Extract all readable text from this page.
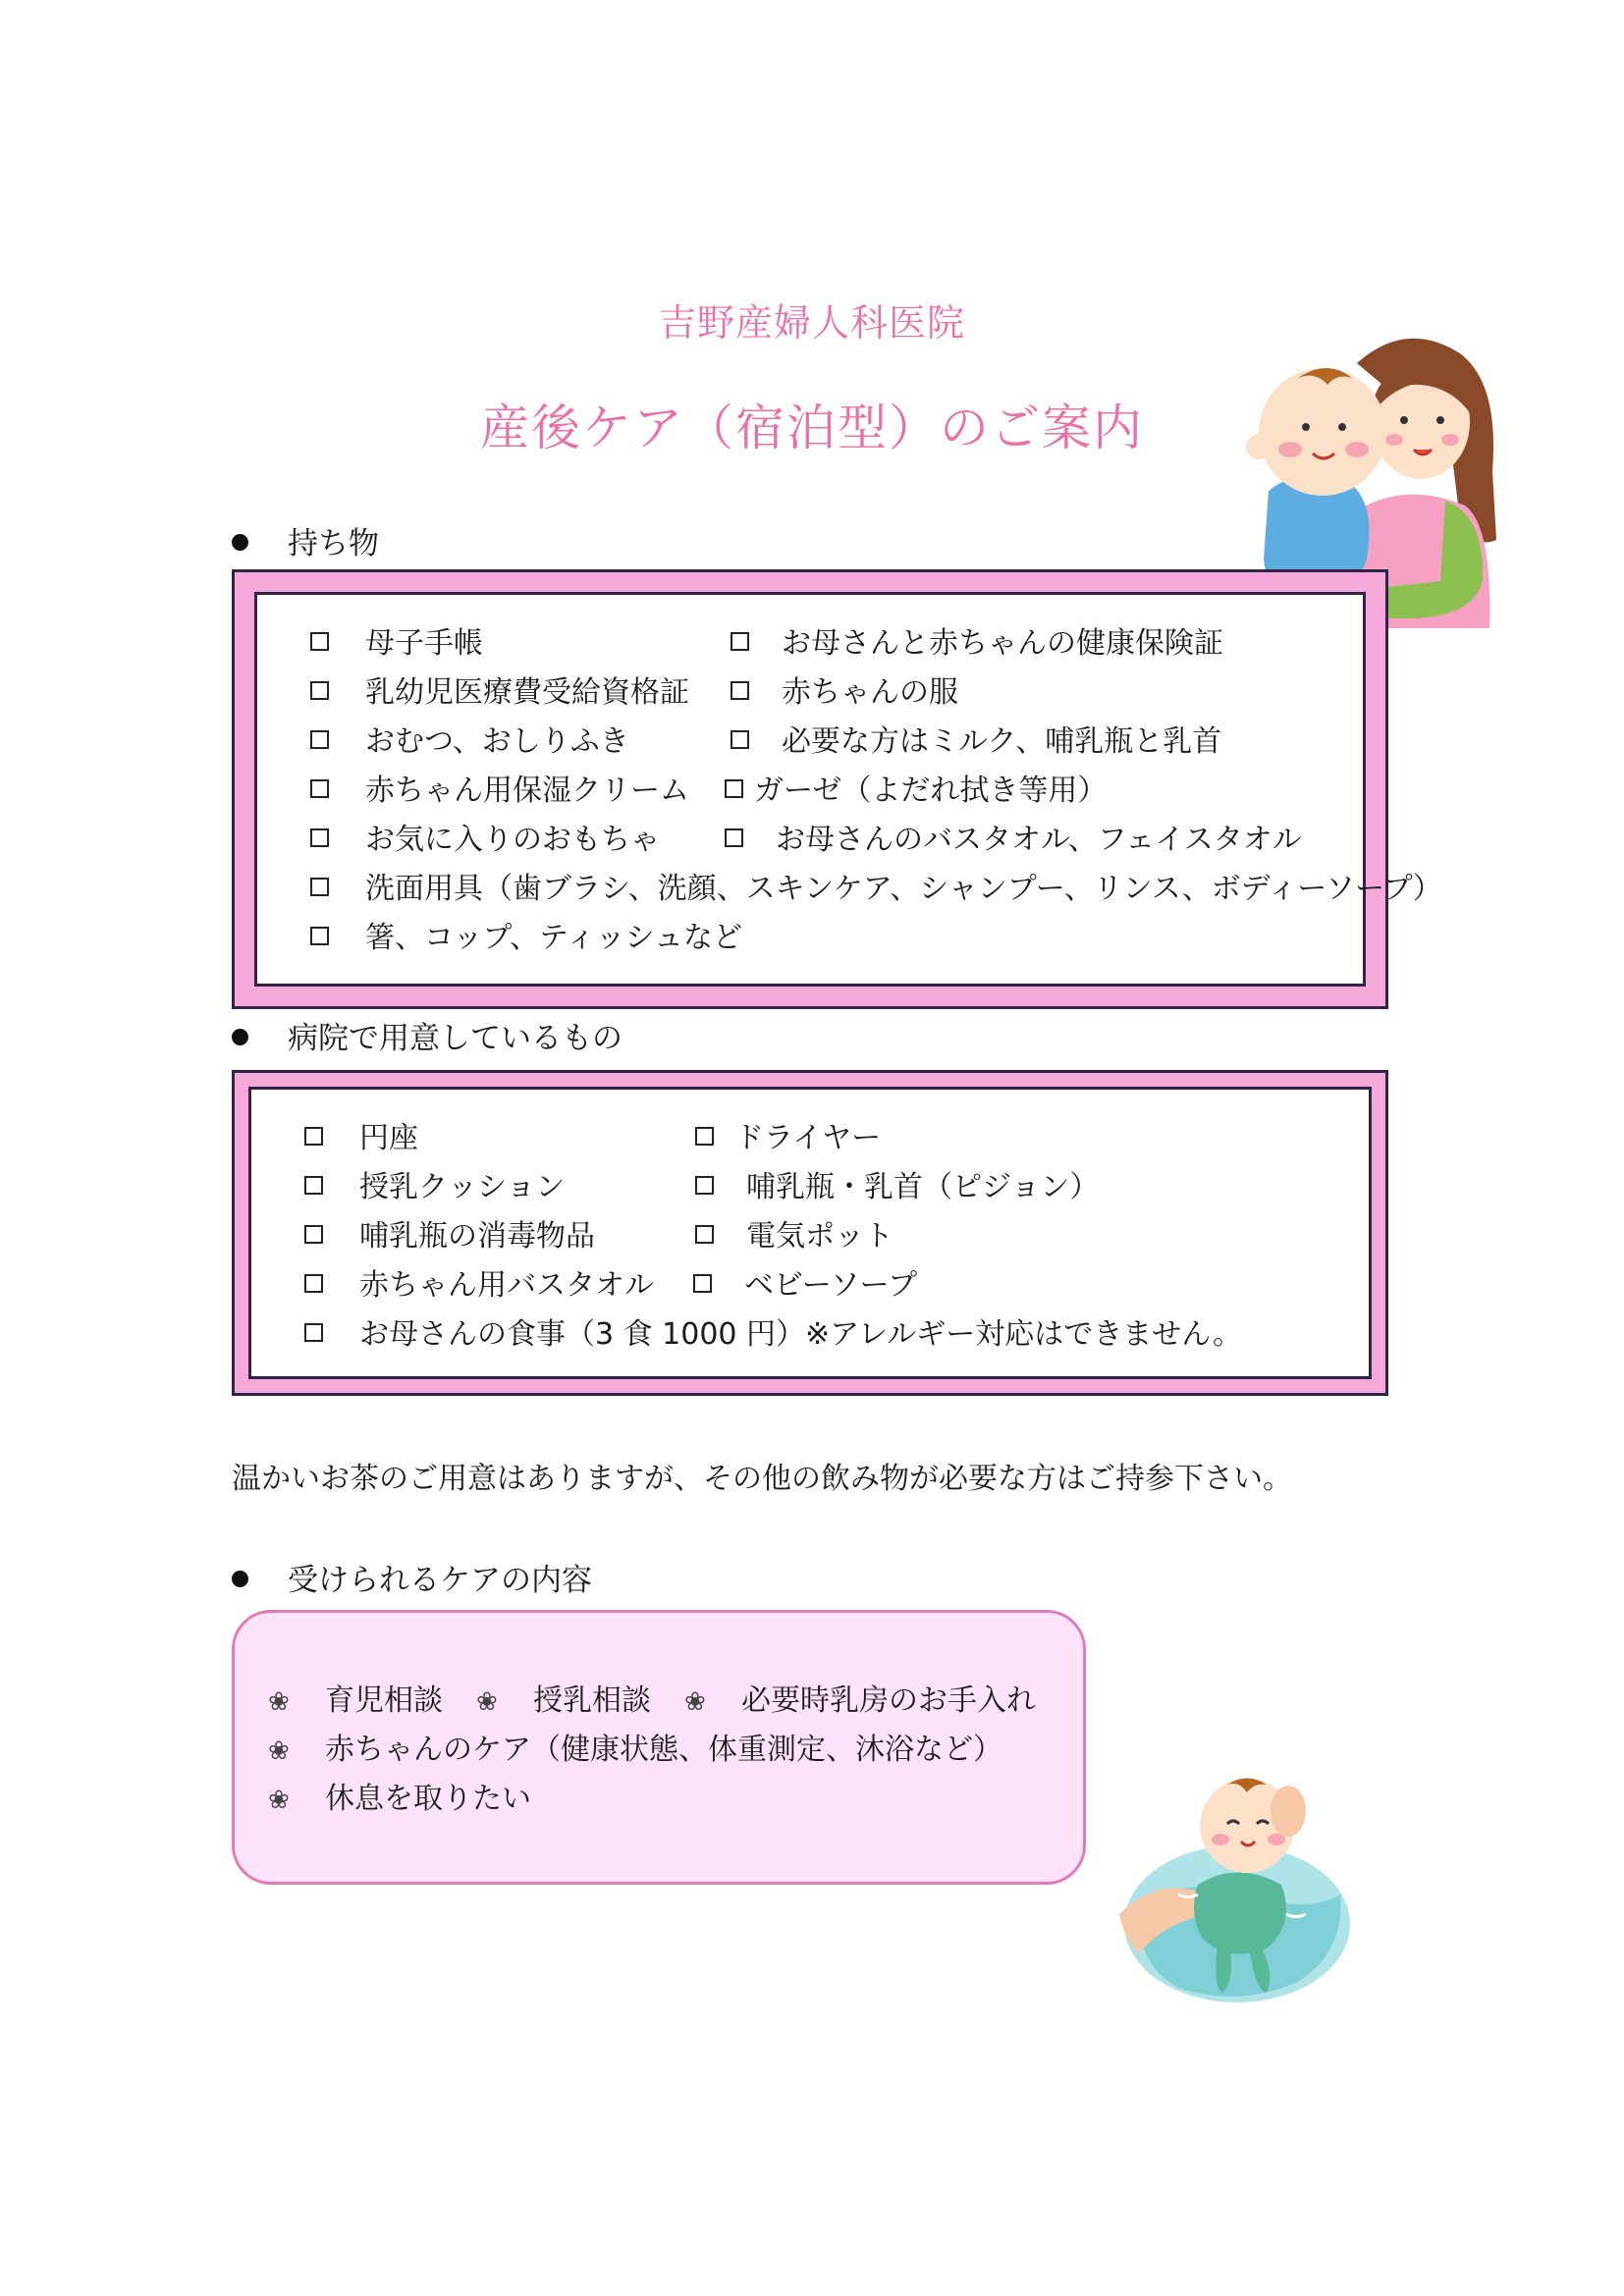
吉野産婦人科医院
産後ケア（宿泊型）のご案内
持ち物
母子手帳	お母さんと赤ちゃんの健康保険証
乳幼児医療費受給資格証	赤ちゃんの服
おむつ、おしりふき	必要な方はミルク、哺乳瓶と乳首
赤ちゃん用保湿クリーム ガーゼ（よだれ拭き等用）
お気に入りのおもちゃ	お母さんのバスタオル、フェイスタオル
洗面用具（歯ブラシ、洗顔、スキンケア、シャンプー、リンス、ボディーソープ）
箸、コップ、ティッシュなど
病院で用意しているもの
円座	ドライヤー
授乳クッション	哺乳瓶・乳首（ピジョン）
哺乳瓶の消毒物品	電気ポット
赤ちゃん用バスタオル	ベビーソープ
お母さんの食事（3 食 1000 円）※アレルギー対応はできません。
温かいお茶のご用意はありますが、その他の飲み物が必要な方はご持参下さい。
受けられるケアの内容
❀ 育児相談 ❀ 授乳相談 ❀ 必要時乳房のお手入れ
❀ 赤ちゃんのケア（健康状態、体重測定、沐浴など）
❀ 休息を取りたい
